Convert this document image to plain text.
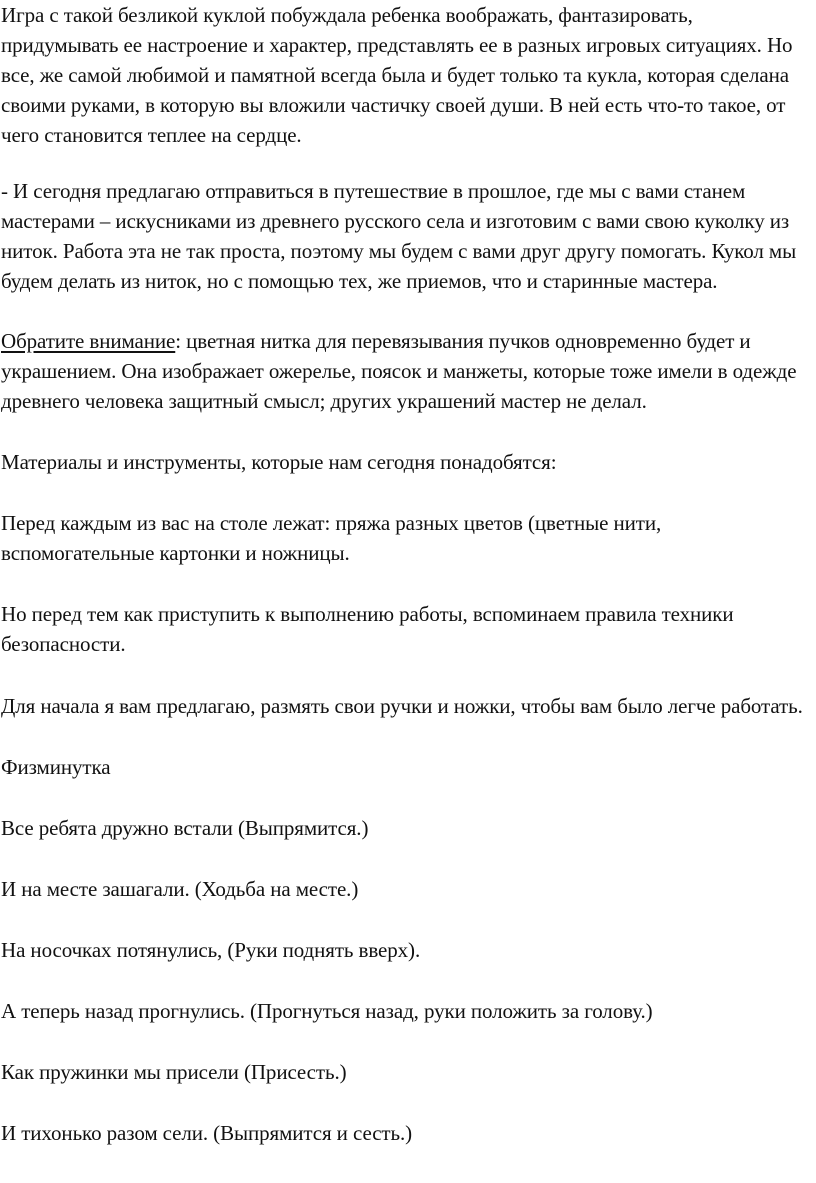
Игра с такой безликой куклой побуждала ребенка воображать, фантазировать, придумывать ее настроение и характер, представлять ее в разных игровых ситуациях. Но все, же самой любимой и памятной всегда была и будет только та кукла, которая сделана своими руками, в которую вы вложили частичку своей души. В ней есть что-то такое, от чего становится теплее на сердце.

- И сегодня предлагаю отправиться в путешествие в прошлое, где мы с вами станем мастерами – искусниками из древнего русского села и изготовим с вами свою куколку из ниток. Работа эта не так проста, поэтому мы будем с вами друг другу помогать. Кукол мы будем делать из ниток, но с помощью тех, же приемов, что и старинные мастера.

Обратите внимание: цветная нитка для перевязывания пучков одновременно будет и украшением. Она изображает ожерелье, поясок и манжеты, которые тоже имели в одежде древнего человека защитный смысл; других украшений мастер не делал.

Материалы и инструменты, которые нам сегодня понадобятся:

Перед каждым из вас на столе лежат: пряжа разных цветов (цветные нити, вспомогательные картонки и ножницы.

Но перед тем как приступить к выполнению работы, вспоминаем правила техники безопасности.

Для начала я вам предлагаю, размять свои ручки и ножки, чтобы вам было легче работать.

Физминутка

Все ребята дружно встали (Выпрямится.)

И на месте зашагали. (Ходьба на месте.)

На носочках потянулись, (Руки поднять вверх).

А теперь назад прогнулись. (Прогнуться назад, руки положить за голову.)

Как пружинки мы присели (Присесть.)

И тихонько разом сели. (Выпрямится и сесть.)
